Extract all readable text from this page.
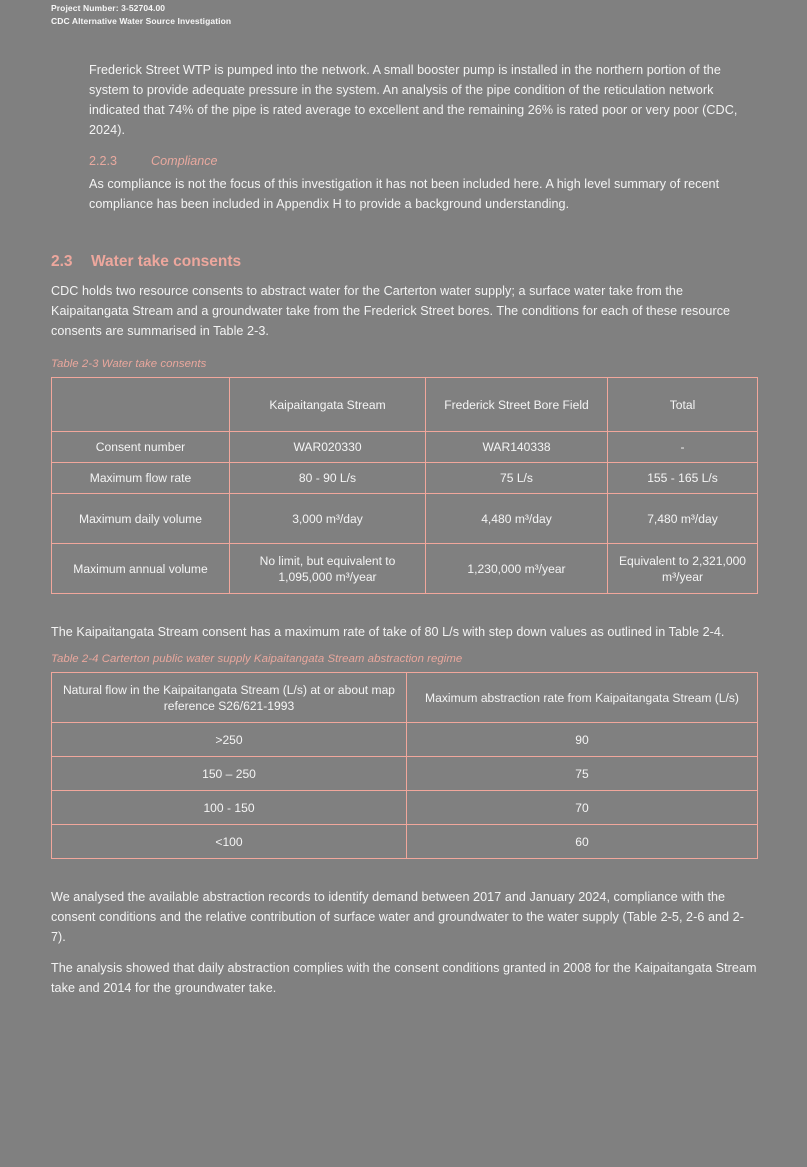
Project Number: 3-52704.00
CDC Alternative Water Source Investigation

Frederick Street WTP is pumped into the network. A small booster pump is installed in the northern portion of the system to provide adequate pressure in the system. An analysis of the pipe condition of the reticulation network indicated that 74% of the pipe is rated average to excellent and the remaining 26% is rated poor or very poor (CDC, 2024).

2.2.3	Compliance

As compliance is not the focus of this investigation it has not been included here. A high level summary of recent compliance has been included in Appendix H to provide a background understanding.

2.3	Water take consents

CDC holds two resource consents to abstract water for the Carterton water supply; a surface water take from the Kaipaitangata Stream and a groundwater take from the Frederick Street bores. The conditions for each of these resource consents are summarised in Table 2-3.

Table 2-3 Water take consents
	Kaipaitangata Stream	Frederick Street Bore Field	Total
Consent number	WAR020330	WAR140338	-
Maximum flow rate	80 - 90 L/s	75 L/s	155 - 165 L/s
Maximum daily volume	3,000 m³/day	4,480 m³/day	7,480 m³/day
Maximum annual volume	No limit, but equivalent to 1,095,000 m³/year	1,230,000 m³/year	Equivalent to 2,321,000 m³/year

The Kaipaitangata Stream consent has a maximum rate of take of 80 L/s with step down values as outlined in Table 2-4.

Table 2-4 Carterton public water supply Kaipaitangata Stream abstraction regime
Natural flow in the Kaipaitangata Stream (L/s) at or about map reference S26/621-1993	Maximum abstraction rate from Kaipaitangata Stream (L/s)
>250	90
150 – 250	75
100 - 150	70
<100	60

We analysed the available abstraction records to identify demand between 2017 and January 2024, compliance with the consent conditions and the relative contribution of surface water and groundwater to the water supply (Table 2-5, 2-6 and 2-7).

The analysis showed that daily abstraction complies with the consent conditions granted in 2008 for the Kaipaitangata Stream take and 2014 for the groundwater take.
